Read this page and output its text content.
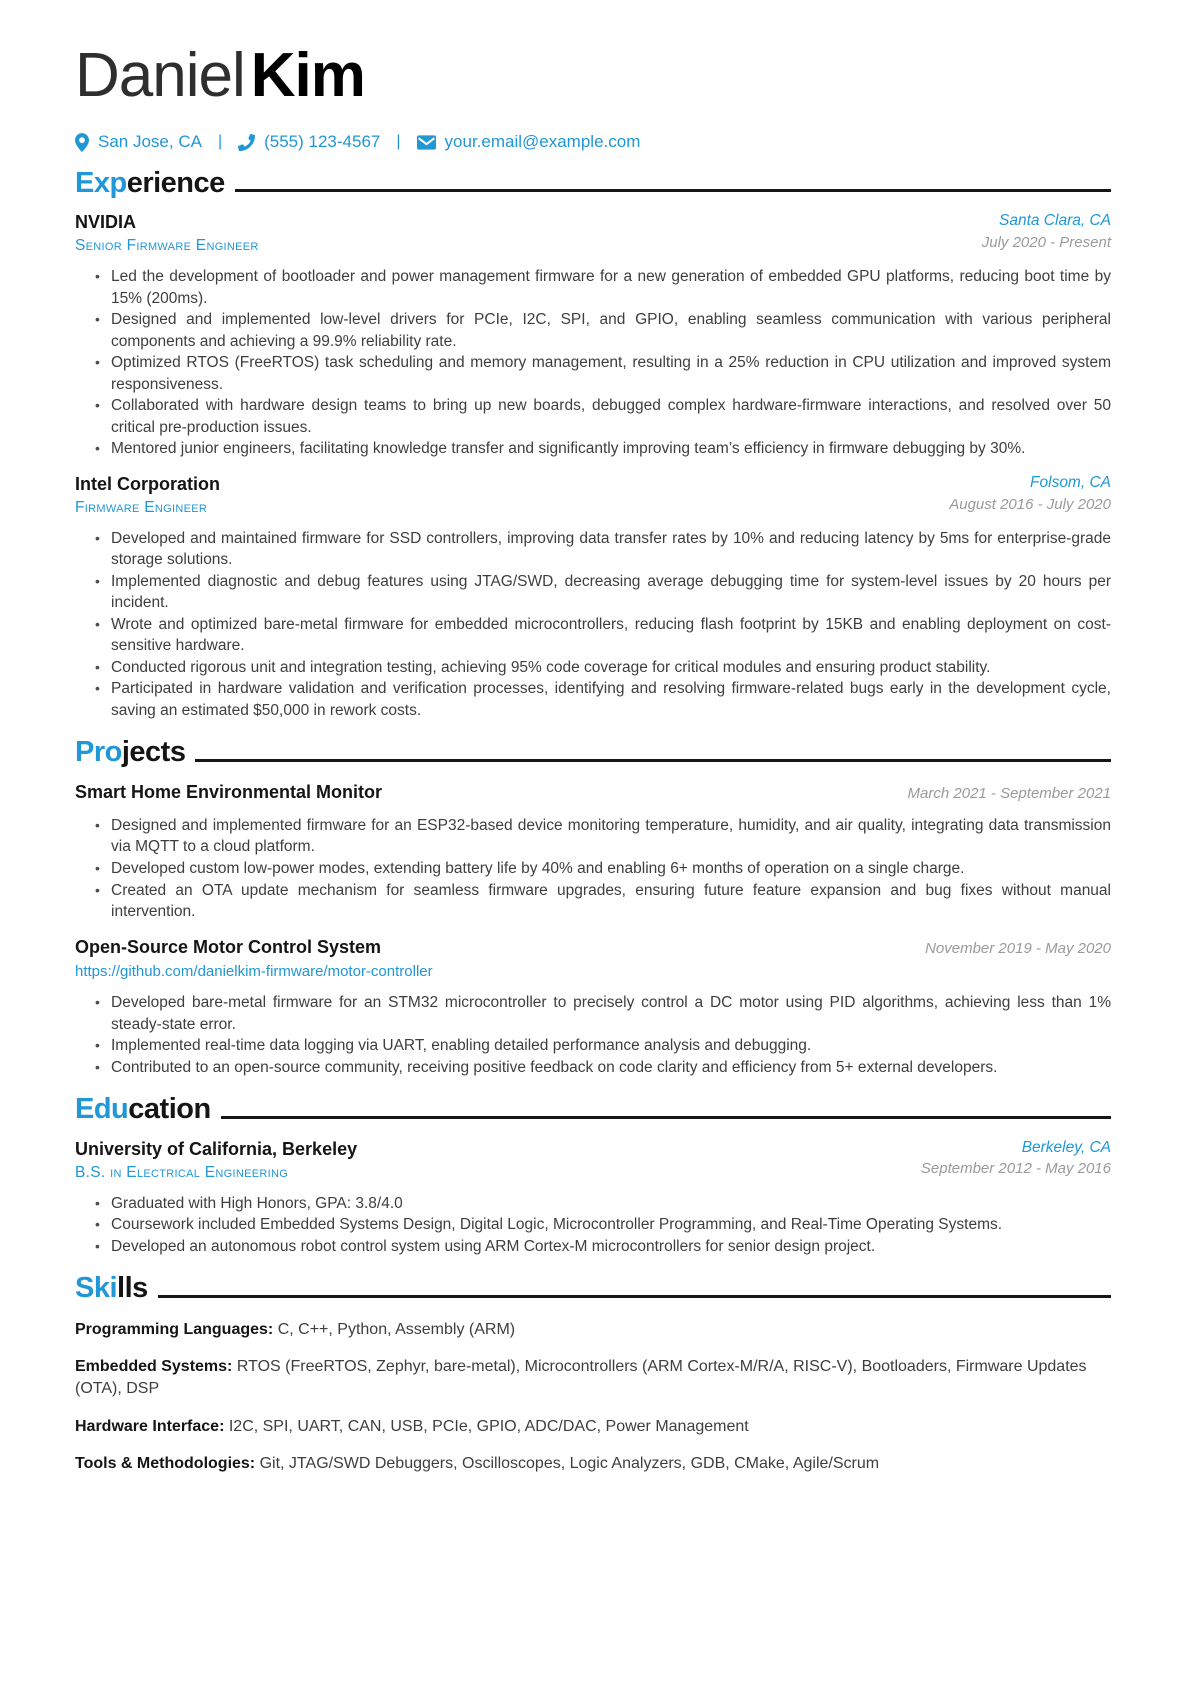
DanielKim
San Jose, CA | (555) 123-4567 |	your.email@example.com
Experience
NVIDIA
Senior Firmware Engineer
Santa Clara, CA
July 2020 - Present
• Led the development of bootloader and power management firmware for a new generation of embedded GPU platforms, reducing boot time by 15% (200ms).
• Designed and implemented low-level drivers for PCIe, I2C, SPI, and GPIO, enabling seamless communication with various peripheral components and achieving a 99.9% reliability rate.
• Optimized RTOS (FreeRTOS) task scheduling and memory management, resulting in a 25% reduction in CPU utilization and improved system responsiveness.
• Collaborated with hardware design teams to bring up new boards, debugged complex hardware-firmware interactions, and resolved over 50 critical pre-production issues.
• Mentored junior engineers, facilitating knowledge transfer and significantly improving team’s efficiency in firmware debugging by 30%.
Intel Corporation
Firmware Engineer
Folsom, CA
August 2016 - July 2020
• Developed and maintained firmware for SSD controllers, improving data transfer rates by 10% and reducing latency by 5ms for enterprise-grade storage solutions.
• Implemented diagnostic and debug features using JTAG/SWD, decreasing average debugging time for system-level issues by 20 hours per incident.
• Wrote and optimized bare-metal firmware for embedded microcontrollers, reducing flash footprint by 15KB and enabling deployment on cost-sensitive hardware.
• Conducted rigorous unit and integration testing, achieving 95% code coverage for critical modules and ensuring product stability.
• Participated in hardware validation and verification processes, identifying and resolving firmware-related bugs early in the development cycle, saving an estimated $50,000 in rework costs.
Projects
Smart Home Environmental Monitor	March 2021 - September 2021
• Designed and implemented firmware for an ESP32-based device monitoring temperature, humidity, and air quality, integrating data transmission via MQTT to a cloud platform.
• Developed custom low-power modes, extending battery life by 40% and enabling 6+ months of operation on a single charge.
• Created an OTA update mechanism for seamless firmware upgrades, ensuring future feature expansion and bug fixes without manual intervention.
Open-Source Motor Control System
https://github.com/danielkim-firmware/motor-controller
November 2019 - May 2020
• Developed bare-metal firmware for an STM32 microcontroller to precisely control a DC motor using PID algorithms, achieving less than 1% steady-state error.
• Implemented real-time data logging via UART, enabling detailed performance analysis and debugging.
• Contributed to an open-source community, receiving positive feedback on code clarity and efficiency from 5+ external developers.
Education
University of California, Berkeley
B.S. in Electrical Engineering
Berkeley, CA
September 2012 - May 2016
• Graduated with High Honors, GPA: 3.8/4.0
• Coursework included Embedded Systems Design, Digital Logic, Microcontroller Programming, and Real-Time Operating Systems.
• Developed an autonomous robot control system using ARM Cortex-M microcontrollers for senior design project.
Skills
Programming Languages: C, C++, Python, Assembly (ARM)
Embedded Systems: RTOS (FreeRTOS, Zephyr, bare-metal), Microcontrollers (ARM Cortex-M/R/A, RISC-V), Bootloaders, Firmware Updates (OTA), DSP
Hardware Interface: I2C, SPI, UART, CAN, USB, PCIe, GPIO, ADC/DAC, Power Management
Tools & Methodologies: Git, JTAG/SWD Debuggers, Oscilloscopes, Logic Analyzers, GDB, CMake, Agile/Scrum
